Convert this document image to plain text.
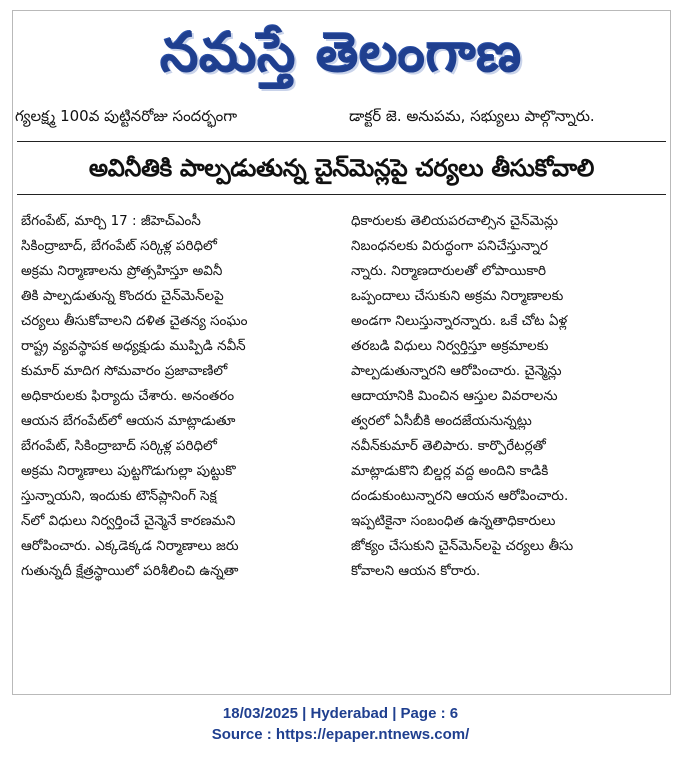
నమస్తే తెలంగాణ
గ్యలక్ష్మ 100వ పుట్టినరోజు సందర్భంగా	డాక్టర్ జె. అనుపమ, సభ్యులు పాల్గొన్నారు.
అవినీతికి పాల్పడుతున్న చైన్‌మెన్లపై చర్యలు తీసుకోవాలి
బేగంపేట్, మార్చి 17 : జీహెచ్ఎంసీ
సికింద్రాబాద్, బేగంపేట్ సర్కిళ్ల పరిధిలో
అక్రమ నిర్మాణాలను ప్రోత్సహిస్తూ అవినీ
తికి పాల్పడుతున్న కొందరు చైన్‌మెన్‌లపై
చర్యలు తీసుకోవాలని దళిత చైతన్య సంఘం
రాష్ట్ర వ్యవస్థాపక అధ్యక్షుడు ముప్పిడి నవీన్
కుమార్ మాదిగ సోమవారం ప్రజావాణిలో
అధికారులకు ఫిర్యాదు చేశారు. అనంతరం
ఆయన బేగంపేట్‌లో ఆయన మాట్లాడుతూ
బేగంపేట్, సికింద్రాబాద్ సర్కిళ్ల పరిధిలో
అక్రమ నిర్మాణాలు పుట్టగొడుగుల్లా పుట్టుకొ
స్తున్నాయని, ఇందుకు టౌన్‌ప్లానింగ్ సెక్ష
న్‌లో విధులు నిర్వర్తించే చైన్మెనే కారణమని
ఆరోపించారు. ఎక్కడెక్కడ నిర్మాణాలు జరు
గుతున్నదీ క్షేత్రస్థాయిలో పరిశీలించి ఉన్నతా
ధికారులకు తెలియపరచాల్సిన చైన్‌మెన్లు
నిబంధనలకు విరుద్ధంగా పనిచేస్తున్నార
న్నారు. నిర్మాణదారులతో లోపాయికారి
ఒప్పందాలు చేసుకుని అక్రమ నిర్మాణాలకు
అండగా నిలుస్తున్నారన్నారు. ఒకే చోట ఏళ్ల
తరబడి విధులు నిర్వర్తిస్తూ అక్రమాలకు
పాల్పడుతున్నారని ఆరోపించారు. చైన్మెన్లు
ఆదాయానికి మించిన ఆస్తుల వివరాలను
త్వరలో ఏసీబీకి అందజేయనున్నట్లు
నవీన్‌కుమార్ తెలిపారు. కార్పొరేటర్లతో
మాట్లాడుకొని బిల్డర్ల వద్ద అందిని కాడికి
దండుకుంటున్నారని ఆయన ఆరోపించారు.
ఇప్పటికైనా సంబంధిత ఉన్నతాధికారులు
జోక్యం చేసుకుని చైన్‌మెన్‌లపై చర్యలు తీసు
కోవాలని ఆయన కోరారు.
18/03/2025 | Hyderabad | Page : 6
Source : https://epaper.ntnews.com/
